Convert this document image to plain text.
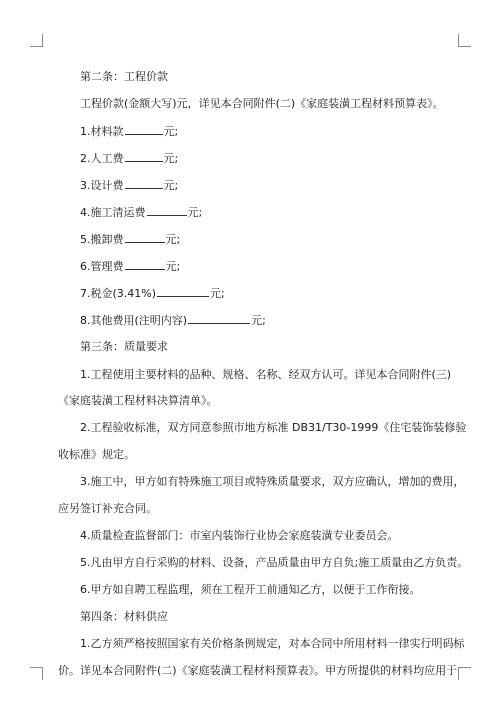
第二条：工程价款
工程价款(金额大写)元，详见本合同附件(二)《家庭装潢工程材料预算表》。
1.材料款	元;
2.人工费	元;
3.设计费	元;
4.施工清运费	元;
5.搬卸费	元;
6.管理费	元;
7.税金(3.41%)	元;
8.其他费用(注明内容)	元;
第三条：质量要求
1.工程使用主要材料的品种、规格、名称、经双方认可。详见本合同附件(三)
《家庭装潢工程材料决算清单》。
2.工程验收标准，双方同意参照市地方标准 DB31/T30-1999《住宅装饰装修验
收标准》规定。
3.施工中，甲方如有特殊施工项目或特殊质量要求，双方应确认，增加的费用，
应另签订补充合同。
4.质量检查监督部门：市室内装饰行业协会家庭装潢专业委员会。
5.凡由甲方自行采购的材料、设备，产品质量由甲方自负;施工质量由乙方负责。
6.甲方如自聘工程监理，须在工程开工前通知乙方，以便于工作衔接。
第四条：材料供应
1.乙方须严格按照国家有关价格条例规定，对本合同中所用材料一律实行明码标
价。详见本合同附件(二)《家庭装潢工程材料预算表》。甲方所提供的材料均应用于
